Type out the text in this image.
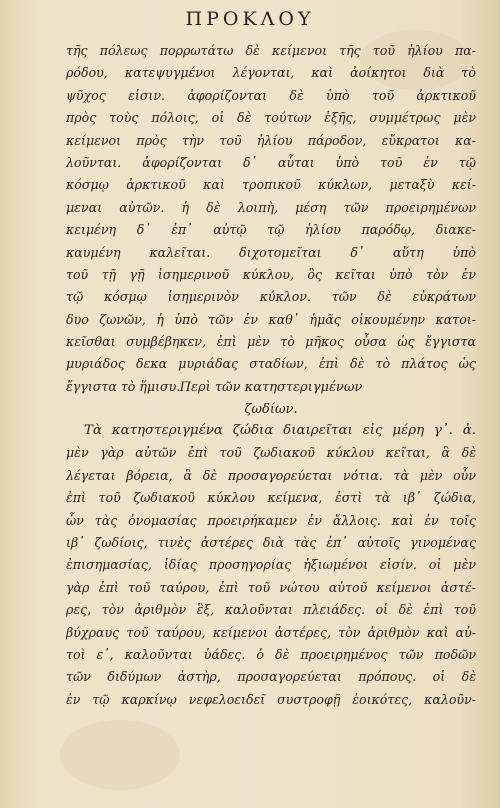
ΠΡΟΚΛΟΥ
τῆς πόλεως πορρωτάτω δὲ κείμενοι τῆς τοῦ ἡλίου πα-
ρόδου, κατεψυγμένοι λέγονται, καὶ ἀοίκητοι διὰ τὸ
ψῦχος εἰσιν. ἀφορίζονται δὲ ὑπὸ τοῦ ἀρκτικοῦ
πρὸς τοὺς πόλοις, οἱ δὲ τούτων ἑξῆς, συμμέτρως μὲν
κείμενοι πρὸς τὴν τοῦ ἡλίου πάροδον, εὔκρατοι κα-
λοῦνται. ἀφορίζονται δ᾽ αὗται ὑπὸ τοῦ ἐν τῷ
κόσμῳ ἀρκτικοῦ καὶ τροπικοῦ κύκλων, μεταξὺ κεί-
μεναι αὐτῶν. ἡ δὲ λοιπὴ, μέση τῶν προειρημένων
κειμένη δ᾽ ἐπ᾽ αὐτῷ τῷ ἡλίου παρόδῳ, διακε-
καυμένη καλεῖται. διχοτομεῖται δ᾽ αὕτη ὑπὸ
τοῦ τῇ γῇ ἰσημερινοῦ κύκλου, ὃς κεῖται ὑπὸ τὸν ἐν
τῷ κόσμῳ ἰσημερινὸν κύκλον. τῶν δὲ εὐκράτων
δυο ζωνῶν, ἡ ὑπὸ τῶν ἐν καθ᾽ ἡμᾶς οἰκουμένην κατοι-
κεῖσθαι συμβέβηκεν, ἐπὶ μὲν τὸ μῆκος οὖσα ὡς ἔγγιστα
μυριάδος δεκα μυριάδας σταδίων, ἐπὶ δὲ τὸ πλάτος ὡς
ἔγγιστα τὸ ἥμισυ. Περὶ τῶν κατηστεριγμένων
ζωδίων.
Τὰ κατηστεριγμένα ζώδια διαιρεῖται εἰς μέρη γ᾽. ἀ.
μὲν γὰρ αὐτῶν ἐπὶ τοῦ ζωδιακοῦ κύκλου κεῖται, ἃ δὲ
λέγεται βόρεια, ἃ δὲ προσαγορεύεται νότια. τὰ μὲν οὖν
ἐπὶ τοῦ ζωδιακοῦ κύκλου κείμενα, ἐστὶ τὰ ιβ᾽ ζώδια,
ὧν τὰς ὀνομασίας προειρήκαμεν ἐν ἄλλοις. καὶ ἐν τοῖς
ιβ᾽ ζωδίοις, τινὲς ἀστέρες διὰ τὰς ἐπ᾽ αὐτοῖς γινομένας
ἐπισημασίας, ἰδίας προσηγορίας ἠξιωμένοι εἰσίν. οἱ μὲν
γὰρ ἐπὶ τοῦ ταύρου, ἐπὶ τοῦ νώτου αὐτοῦ κείμενοι ἀστέ-
ρες, τὸν ἀριθμὸν ἓξ, καλοῦνται πλειάδες. οἱ δὲ ἐπὶ τοῦ
βύχραυς τοῦ ταύρου, κείμενοι ἀστέρες, τὸν ἀριθμὸν καὶ αὐ-
τοὶ ε᾽, καλοῦνται ὑάδες. ὁ δὲ προειρημένος τῶν ποδῶν
τῶν διδύμων ἀστὴρ, προσαγορεύεται πρόπους. οἱ δὲ
ἐν τῷ καρκίνῳ νεφελοειδεῖ συστροφῇ ἐοικότες, καλοῦν-
